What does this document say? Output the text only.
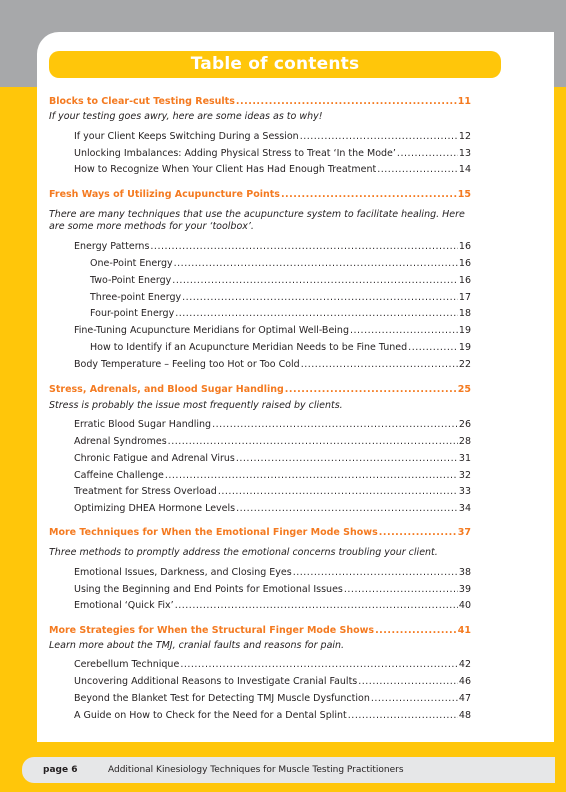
Table of contents
Blocks to Clear-cut Testing Results .....	11
If your testing goes awry, here are some ideas as to why!
If your Client Keeps Switching During a Session .....	12
Unlocking Imbalances: Adding Physical Stress to Treat ‘In the Mode’ .....	13
How to Recognize When Your Client Has Had Enough Treatment .....	14
Fresh Ways of Utilizing Acupuncture Points .....	15
There are many techniques that use the acupuncture system to facilitate healing. Here are some more methods for your ‘toolbox’.
Energy Patterns .....	16
One-Point Energy .....	16
Two-Point Energy .....	16
Three-point Energy .....	17
Four-point Energy .....	18
Fine-Tuning Acupuncture Meridians for Optimal Well-Being .....	19
How to Identify if an Acupuncture Meridian Needs to be Fine Tuned .....	19
Body Temperature – Feeling too Hot or Too Cold .....	22
Stress, Adrenals, and Blood Sugar Handling .....	25
Stress is probably the issue most frequently raised by clients.
Erratic Blood Sugar Handling .....	26
Adrenal Syndromes .....	28
Chronic Fatigue and Adrenal Virus .....	31
Caffeine Challenge .....	32
Treatment for Stress Overload .....	33
Optimizing DHEA Hormone Levels .....	34
More Techniques for When the Emotional Finger Mode Shows .....	37
Three methods to promptly address the emotional concerns troubling your client.
Emotional Issues, Darkness, and Closing Eyes .....	38
Using the Beginning and End Points for Emotional Issues .....	39
Emotional ‘Quick Fix’ .....	40
More Strategies for When the Structural Finger Mode Shows .....	41
Learn more about the TMJ, cranial faults and reasons for pain.
Cerebellum Technique .....	42
Uncovering Additional Reasons to Investigate Cranial Faults .....	46
Beyond the Blanket Test for Detecting TMJ Muscle Dysfunction .....	47
A Guide on How to Check for the Need for a Dental Splint .....	48
page 6	Additional Kinesiology Techniques for Muscle Testing Practitioners
